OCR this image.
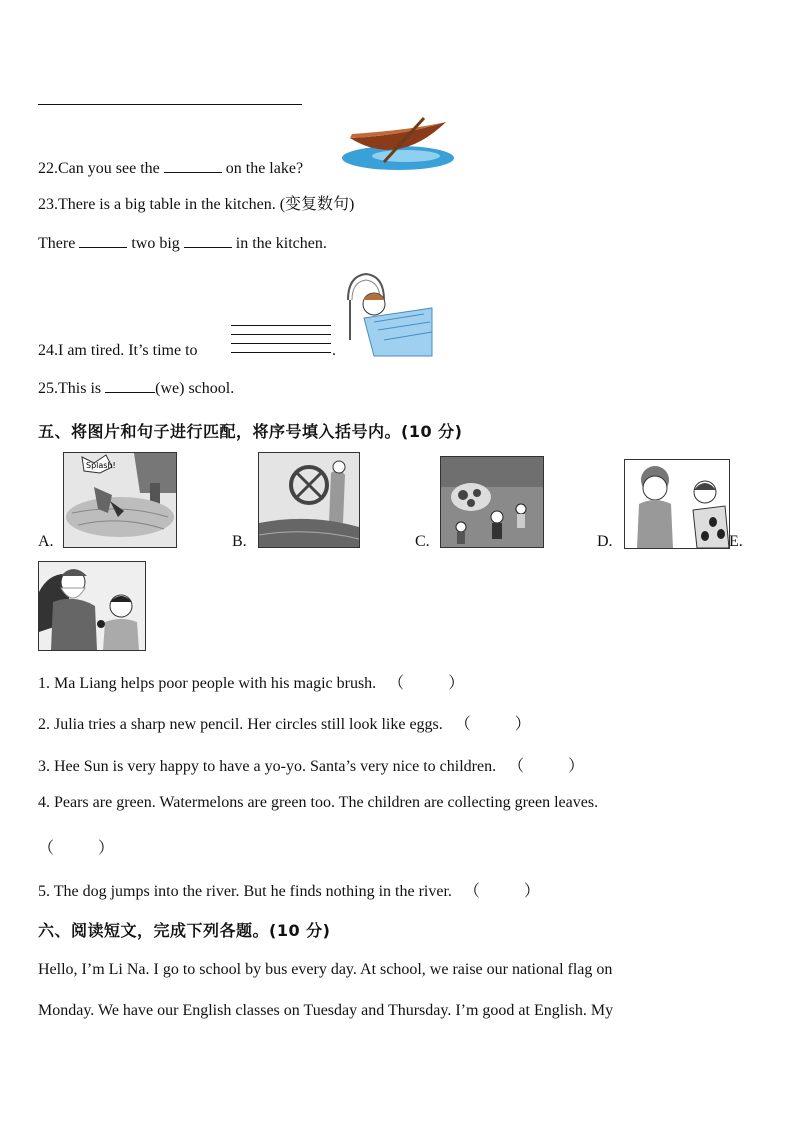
22.Can you see the	on the lake?
23.There is a big table in the kitchen. (变复数句)
There	two big	in the kitchen.
24.I am tired. It’s time to	.
25.This is	(we) school.
五、将图片和句子进行匹配，将序号填入括号内。(10 分)
A.
Splash!
B.	C.	D.	E.
1. Ma Liang helps poor people with his magic brush. （	）
2. Julia tries a sharp new pencil. Her circles still look like eggs. （	）
3. Hee Sun is very happy to have a yo-yo. Santa’s very nice to children. （	）
4. Pears are green. Watermelons are green too. The children are collecting green leaves.
（	）
5. The dog jumps into the river. But he finds nothing in the river. （	）
六、阅读短文，完成下列各题。(10 分)
Hello, I’m Li Na. I go to school by bus every day. At school, we raise our national flag on
Monday. We have our English classes on Tuesday and Thursday. I’m good at English. My
